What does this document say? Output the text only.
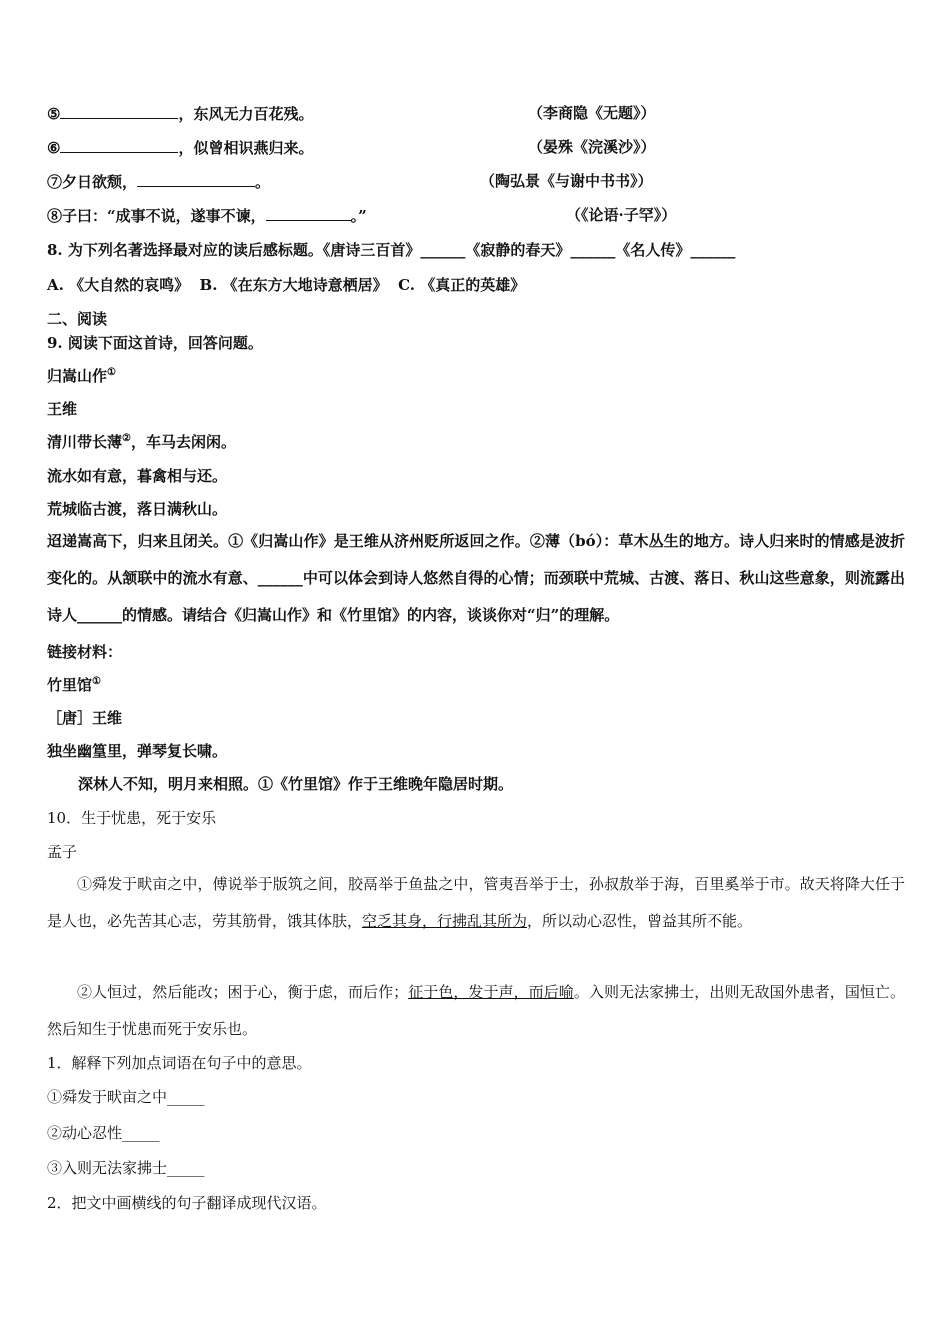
⑤	，东风无力百花残。	（李商隐《无题》）
⑥	，似曾相识燕归来。	（晏殊《浣溪沙》）
⑦夕日欲颓，	。	（陶弘景《与谢中书书》）
⑧子曰：“成事不说，遂事不谏，	。”	（《论语·子罕》）
8. 为下列名著选择最对应的读后感标题。《唐诗三百首》______《寂静的春天》______《名人传》______
A. 《大自然的哀鸣》  B. 《在东方大地诗意栖居》  C. 《真正的英雄》
二、阅读
9. 阅读下面这首诗，回答问题。
归嵩山作①
王维
清川带长薄②，车马去闲闲。
流水如有意，暮禽相与还。
荒城临古渡，落日满秋山。
迢递嵩高下，归来且闭关。①《归嵩山作》是王维从济州贬所返回之作。②薄（bó）：草木丛生的地方。诗人归来时的情感是波折变化的。从颔联中的流水有意、______中可以体会到诗人悠然自得的心情；而颈联中荒城、古渡、落日、秋山这些意象，则流露出诗人______的情感。请结合《归嵩山作》和《竹里馆》的内容，谈谈你对“归”的理解。
链接材料：
竹里馆①
［唐］王维
独坐幽篁里，弹琴复长啸。
深林人不知，明月来相照。①《竹里馆》作于王维晚年隐居时期。
10．生于忧患，死于安乐
孟子
①舜发于畎亩之中，傅说举于版筑之间，胶鬲举于鱼盐之中，管夷吾举于士，孙叔敖举于海，百里奚举于市。故天将降大任于是人也，必先苦其心志，劳其筋骨，饿其体肤，空乏其身，行拂乱其所为，所以动心忍性，曾益其所不能。
②人恒过，然后能改；困于心，衡于虑，而后作；征于色，发于声，而后喻。入则无法家拂士，出则无敌国外患者，国恒亡。然后知生于忧患而死于安乐也。
1．解释下列加点词语在句子中的意思。
①舜发于畎亩之中_____
②动心忍性_____
③入则无法家拂士_____
2．把文中画横线的句子翻译成现代汉语。
